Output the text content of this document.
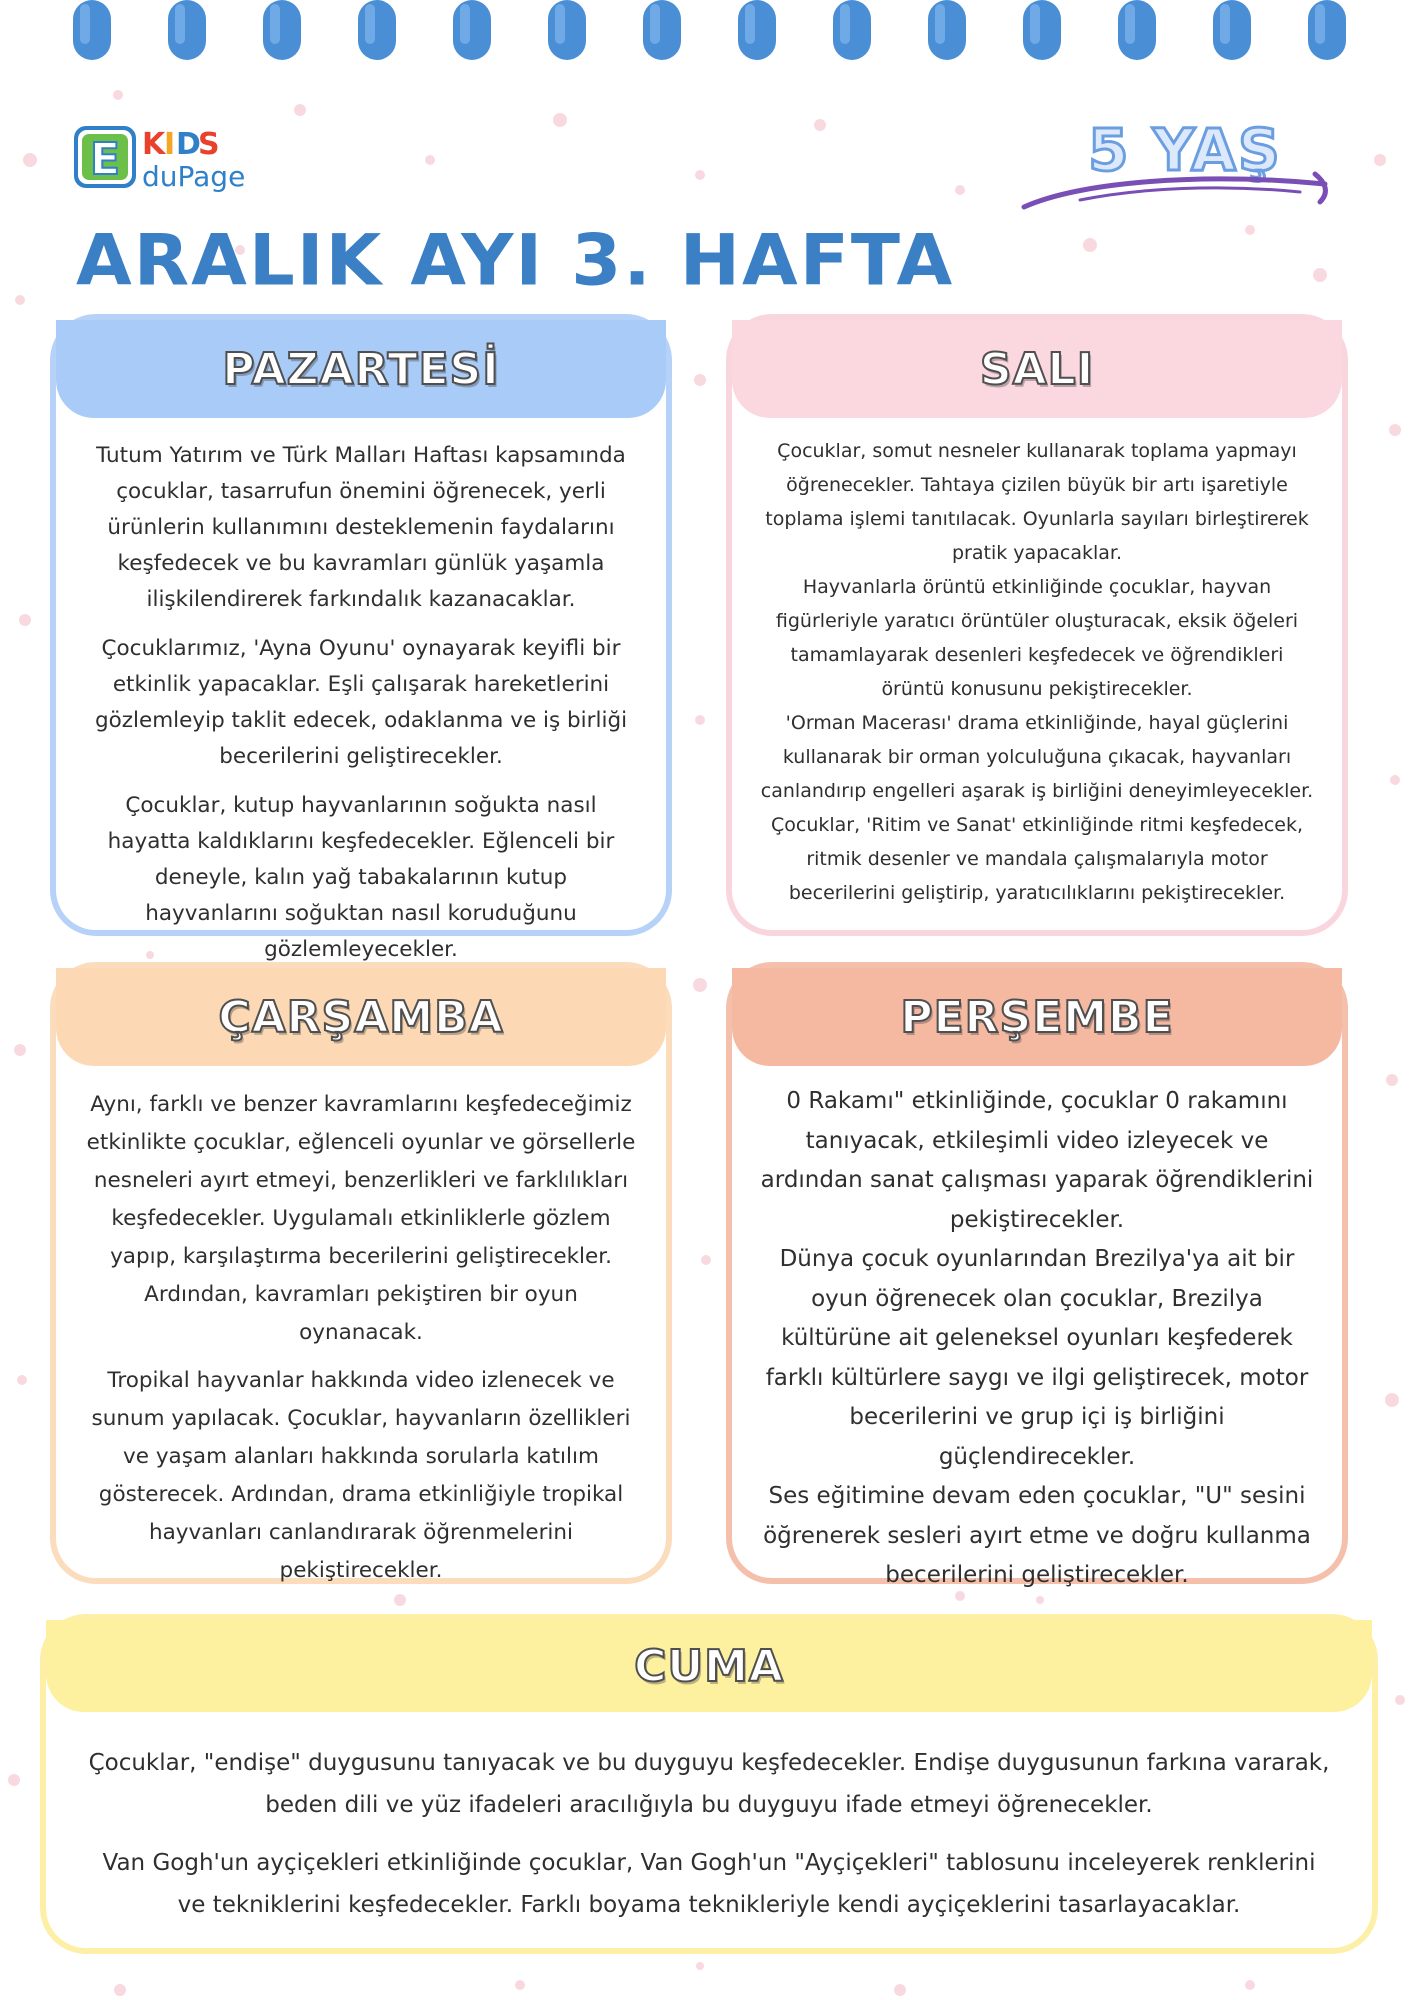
E K
I D
S
duPage	5 YAŞ
ARALIK AYI 3. HAFTA
PAZARTESİ

Tutum Yatırım ve Türk Malları Haftası kapsamında çocuklar, tasarrufun önemini öğrenecek, yerli ürünlerin kullanımını desteklemenin faydalarını keşfedecek ve bu kavramları günlük yaşamla ilişkilendirerek farkındalık kazanacaklar.

Çocuklarımız, 'Ayna Oyunu' oynayarak keyifli bir etkinlik yapacaklar. Eşli çalışarak hareketlerini gözlemleyip taklit edecek, odaklanma ve iş birliği becerilerini geliştirecekler.

Çocuklar, kutup hayvanlarının soğukta nasıl hayatta kaldıklarını keşfedecekler. Eğlenceli bir deneyle, kalın yağ tabakalarının kutup hayvanlarını soğuktan nasıl koruduğunu gözlemleyecekler.

SALI

Çocuklar, somut nesneler kullanarak toplama yapmayı öğrenecekler. Tahtaya çizilen büyük bir artı işaretiyle toplama işlemi tanıtılacak. Oyunlarla sayıları birleştirerek pratik yapacaklar.

Hayvanlarla örüntü etkinliğinde çocuklar, hayvan figürleriyle yaratıcı örüntüler oluşturacak, eksik öğeleri tamamlayarak desenleri keşfedecek ve öğrendikleri örüntü konusunu pekiştirecekler.

'Orman Macerası' drama etkinliğinde, hayal güçlerini kullanarak bir orman yolculuğuna çıkacak, hayvanları canlandırıp engelleri aşarak iş birliğini deneyimleyecekler.

Çocuklar, 'Ritim ve Sanat' etkinliğinde ritmi keşfedecek, ritmik desenler ve mandala çalışmalarıyla motor becerilerini geliştirip, yaratıcılıklarını pekiştirecekler.

ÇARŞAMBA

Aynı, farklı ve benzer kavramlarını keşfedeceğimiz etkinlikte çocuklar, eğlenceli oyunlar ve görsellerle nesneleri ayırt etmeyi, benzerlikleri ve farklılıkları keşfedecekler. Uygulamalı etkinliklerle gözlem yapıp, karşılaştırma becerilerini geliştirecekler. Ardından, kavramları pekiştiren bir oyun oynanacak.

Tropikal hayvanlar hakkında video izlenecek ve sunum yapılacak. Çocuklar, hayvanların özellikleri ve yaşam alanları hakkında sorularla katılım gösterecek. Ardından, drama etkinliğiyle tropikal hayvanları canlandırarak öğrenmelerini pekiştirecekler.

PERŞEMBE

0 Rakamı" etkinliğinde, çocuklar 0 rakamını tanıyacak, etkileşimli video izleyecek ve ardından sanat çalışması yaparak öğrendiklerini pekiştirecekler.

Dünya çocuk oyunlarından Brezilya'ya ait bir oyun öğrenecek olan çocuklar, Brezilya kültürüne ait geleneksel oyunları keşfederek farklı kültürlere saygı ve ilgi geliştirecek, motor becerilerini ve grup içi iş birliğini güçlendirecekler.

Ses eğitimine devam eden çocuklar, "U" sesini öğrenerek sesleri ayırt etme ve doğru kullanma becerilerini geliştirecekler.

CUMA

Çocuklar, "endişe" duygusunu tanıyacak ve bu duyguyu keşfedecekler. Endişe duygusunun farkına vararak, beden dili ve yüz ifadeleri aracılığıyla bu duyguyu ifade etmeyi öğrenecekler.

Van Gogh'un ayçiçekleri etkinliğinde çocuklar, Van Gogh'un "Ayçiçekleri" tablosunu inceleyerek renklerini ve tekniklerini keşfedecekler. Farklı boyama teknikleriyle kendi ayçiçeklerini tasarlayacaklar.
